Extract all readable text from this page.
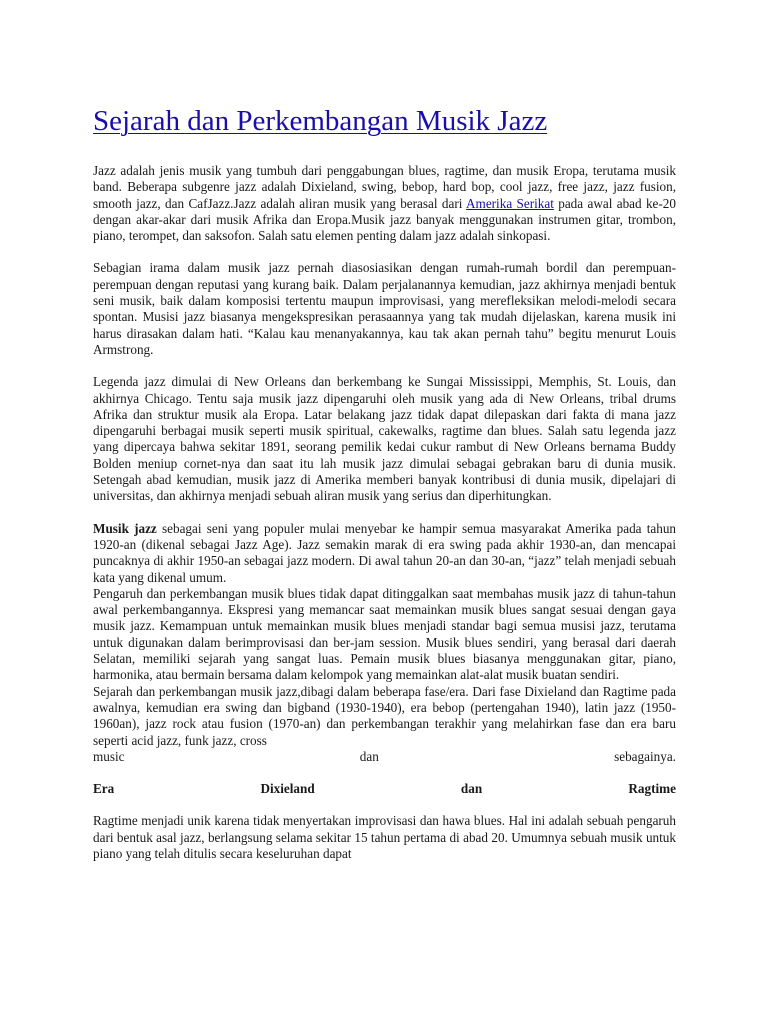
Sejarah dan Perkembangan Musik Jazz

Jazz adalah jenis musik yang tumbuh dari penggabungan blues, ragtime, dan musik Eropa, terutama musik band. Beberapa subgenre jazz adalah Dixieland, swing, bebop, hard bop, cool jazz, free jazz, jazz fusion, smooth jazz, dan CafJazz.Jazz adalah aliran musik yang berasal dari Amerika Serikat pada awal abad ke-20 dengan akar-akar dari musik Afrika dan Eropa.Musik jazz banyak menggunakan instrumen gitar, trombon, piano, terompet, dan saksofon. Salah satu elemen penting dalam jazz adalah sinkopasi.

Sebagian irama dalam musik jazz pernah diasosiasikan dengan rumah-rumah bordil dan perempuan-perempuan dengan reputasi yang kurang baik. Dalam perjalanannya kemudian, jazz akhirnya menjadi bentuk seni musik, baik dalam komposisi tertentu maupun improvisasi, yang merefleksikan melodi-melodi secara spontan. Musisi jazz biasanya mengekspresikan perasaannya yang tak mudah dijelaskan, karena musik ini harus dirasakan dalam hati. “Kalau kau menanyakannya, kau tak akan pernah tahu” begitu menurut Louis Armstrong.

Legenda jazz dimulai di New Orleans dan berkembang ke Sungai Mississippi, Memphis, St. Louis, dan akhirnya Chicago. Tentu saja musik jazz dipengaruhi oleh musik yang ada di New Orleans, tribal drums Afrika dan struktur musik ala Eropa. Latar belakang jazz tidak dapat dilepaskan dari fakta di mana jazz dipengaruhi berbagai musik seperti musik spiritual, cakewalks, ragtime dan blues. Salah satu legenda jazz yang dipercaya bahwa sekitar 1891, seorang pemilik kedai cukur rambut di New Orleans bernama Buddy Bolden meniup cornet-nya dan saat itu lah musik jazz dimulai sebagai gebrakan baru di dunia musik. Setengah abad kemudian, musik jazz di Amerika memberi banyak kontribusi di dunia musik, dipelajari di universitas, dan akhirnya menjadi sebuah aliran musik yang serius dan diperhitungkan.

Musik jazz sebagai seni yang populer mulai menyebar ke hampir semua masyarakat Amerika pada tahun 1920-an (dikenal sebagai Jazz Age). Jazz semakin marak di era swing pada akhir 1930-an, dan mencapai puncaknya di akhir 1950-an sebagai jazz modern. Di awal tahun 20-an dan 30-an, “jazz” telah menjadi sebuah kata yang dikenal umum.

Pengaruh dan perkembangan musik blues tidak dapat ditinggalkan saat membahas musik jazz di tahun-tahun awal perkembangannya. Ekspresi yang memancar saat memainkan musik blues sangat sesuai dengan gaya musik jazz. Kemampuan untuk memainkan musik blues menjadi standar bagi semua musisi jazz, terutama untuk digunakan dalam berimprovisasi dan ber-jam session. Musik blues sendiri, yang berasal dari daerah Selatan, memiliki sejarah yang sangat luas. Pemain musik blues biasanya menggunakan gitar, piano, harmonika, atau bermain bersama dalam kelompok yang memainkan alat-alat musik buatan sendiri.

Sejarah dan perkembangan musik jazz,dibagi dalam beberapa fase/era. Dari fase Dixieland dan Ragtime pada awalnya, kemudian era swing dan bigband (1930-1940), era bebop (pertengahan 1940), latin jazz (1950-1960an), jazz rock atau fusion (1970-an) dan perkembangan terakhir yang melahirkan fase dan era baru seperti acid jazz, funk jazz, cross

music	dan	sebagainya.
Era	Dixieland	dan	Ragtime

Ragtime menjadi unik karena tidak menyertakan improvisasi dan hawa blues. Hal ini adalah sebuah pengaruh dari bentuk asal jazz, berlangsung selama sekitar 15 tahun pertama di abad 20. Umumnya sebuah musik untuk piano yang telah ditulis secara keseluruhan dapat
